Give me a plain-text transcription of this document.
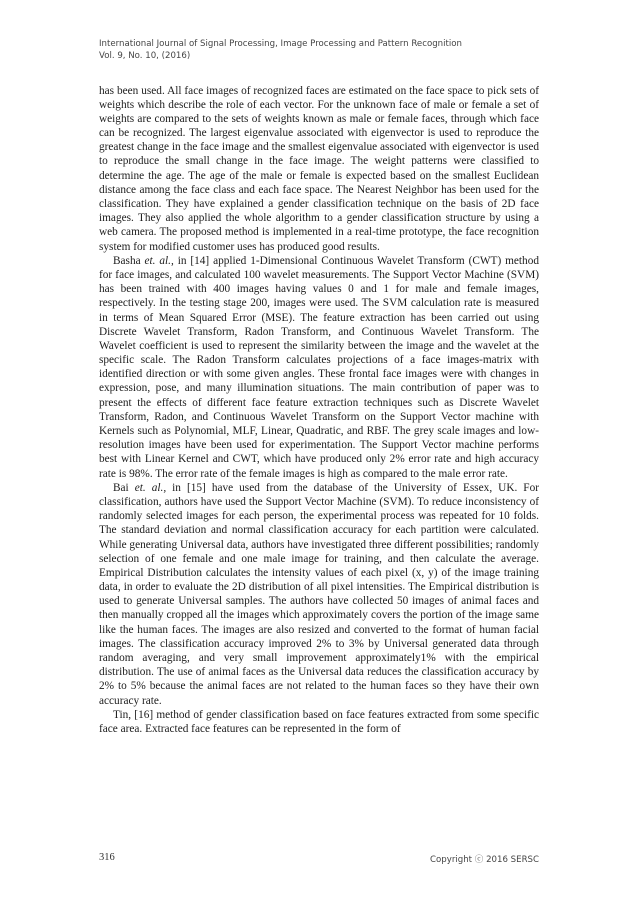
International Journal of Signal Processing, Image Processing and Pattern Recognition
Vol. 9, No. 10, (2016)

has been used. All face images of recognized faces are estimated on the face space to pick sets of weights which describe the role of each vector. For the unknown face of male or female a set of weights are compared to the sets of weights known as male or female faces, through which face can be recognized. The largest eigenvalue associated with eigenvector is used to reproduce the greatest change in the face image and the smallest eigenvalue associated with eigenvector is used to reproduce the small change in the face image. The weight patterns were classified to determine the age. The age of the male or female is expected based on the smallest Euclidean distance among the face class and each face space. The Nearest Neighbor has been used for the classification. They have explained a gender classification technique on the basis of 2D face images. They also applied the whole algorithm to a gender classification structure by using a web camera. The proposed method is implemented in a real-time prototype, the face recognition system for modified customer uses has produced good results.

Basha et. al., in [14] applied 1-Dimensional Continuous Wavelet Transform (CWT) method for face images, and calculated 100 wavelet measurements. The Support Vector Machine (SVM) has been trained with 400 images having values 0 and 1 for male and female images, respectively. In the testing stage 200, images were used. The SVM calculation rate is measured in terms of Mean Squared Error (MSE). The feature extraction has been carried out using Discrete Wavelet Transform, Radon Transform, and Continuous Wavelet Transform. The Wavelet coefficient is used to represent the similarity between the image and the wavelet at the specific scale. The Radon Transform calculates projections of a face images-matrix with identified direction or with some given angles. These frontal face images were with changes in expression, pose, and many illumination situations. The main contribution of paper was to present the effects of different face feature extraction techniques such as Discrete Wavelet Transform, Radon, and Continuous Wavelet Transform on the Support Vector machine with Kernels such as Polynomial, MLF, Linear, Quadratic, and RBF. The grey scale images and low-resolution images have been used for experimentation. The Support Vector machine performs best with Linear Kernel and CWT, which have produced only 2% error rate and high accuracy rate is 98%. The error rate of the female images is high as compared to the male error rate.

Bai et. al., in [15] have used from the database of the University of Essex, UK. For classification, authors have used the Support Vector Machine (SVM). To reduce inconsistency of randomly selected images for each person, the experimental process was repeated for 10 folds. The standard deviation and normal classification accuracy for each partition were calculated. While generating Universal data, authors have investigated three different possibilities; randomly selection of one female and one male image for training, and then calculate the average. Empirical Distribution calculates the intensity values of each pixel (x, y) of the image training data, in order to evaluate the 2D distribution of all pixel intensities. The Empirical distribution is used to generate Universal samples. The authors have collected 50 images of animal faces and then manually cropped all the images which approximately covers the portion of the image same like the human faces. The images are also resized and converted to the format of human facial images. The classification accuracy improved 2% to 3% by Universal generated data through random averaging, and very small improvement approximately1% with the empirical distribution. The use of animal faces as the Universal data reduces the classification accuracy by 2% to 5% because the animal faces are not related to the human faces so they have their own accuracy rate.

Tin, [16] method of gender classification based on face features extracted from some specific face area. Extracted face features can be represented in the form of

316	Copyright ⓒ 2016 SERSC
